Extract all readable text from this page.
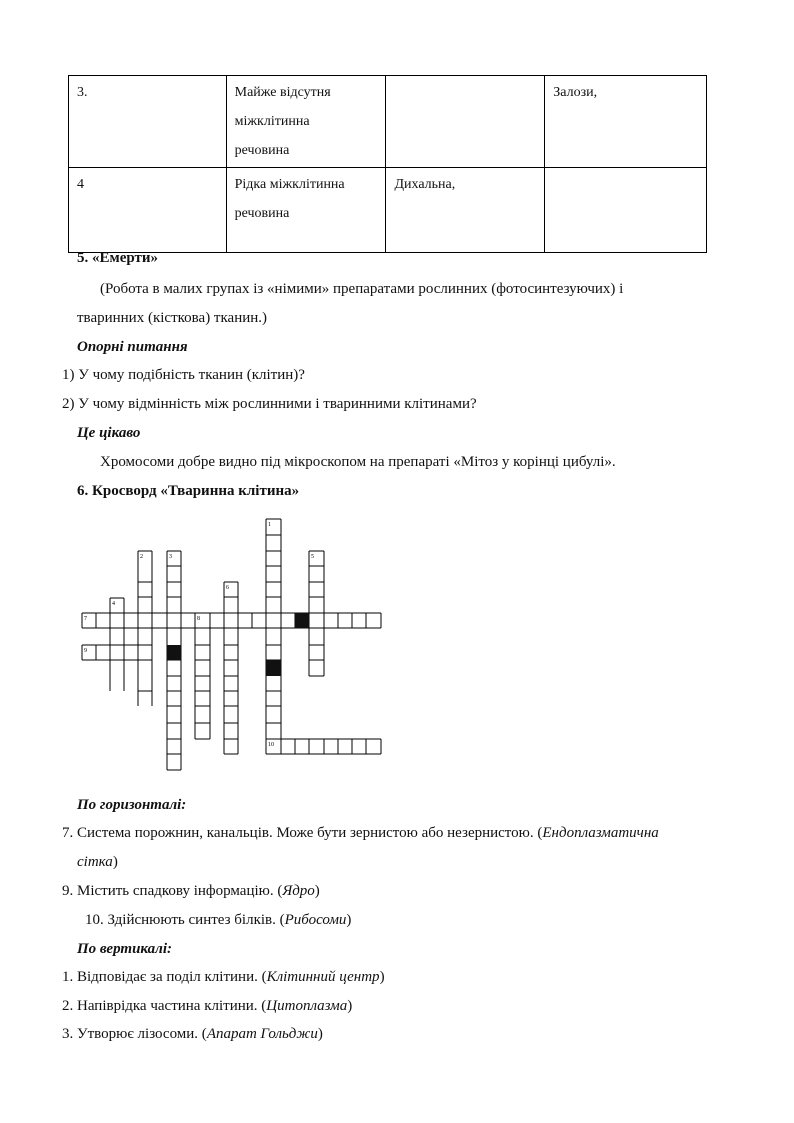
3.	Майже відсутня міжклітинна речовина		Залози,
4	Рідка міжклітинна речовина	Дихальна,	
5. «Емерти»
(Робота в малих групах із «німими» препаратами рослинних (фотосинтезуючих) і
тваринних (кісткова) тканин.)
Опорні питання
1) У чому подібність тканин (клітин)?
2) У чому відмінність між рослинними і тваринними клітинами?
Це цікаво
Хромосоми добре видно під мікроскопом на препараті «Мітоз у корінці цибулі».
6. Кросворд «Тваринна клітина»
1
2	3
4
5
6
7	8
9
10
По горизонталі:
7. Система порожнин, канальців. Може бути зернистою або незернистою. (Ендоплазматична
сітка)
9. Містить спадкову інформацію. (Ядро)
10. Здійснюють синтез білків. (Рибосоми)
По вертикалі:
1. Відповідає за поділ клітини. (Клітинний центр)
2. Напіврідка частина клітини. (Цитоплазма)
3. Утворює лізосоми. (Апарат Гольджи)
